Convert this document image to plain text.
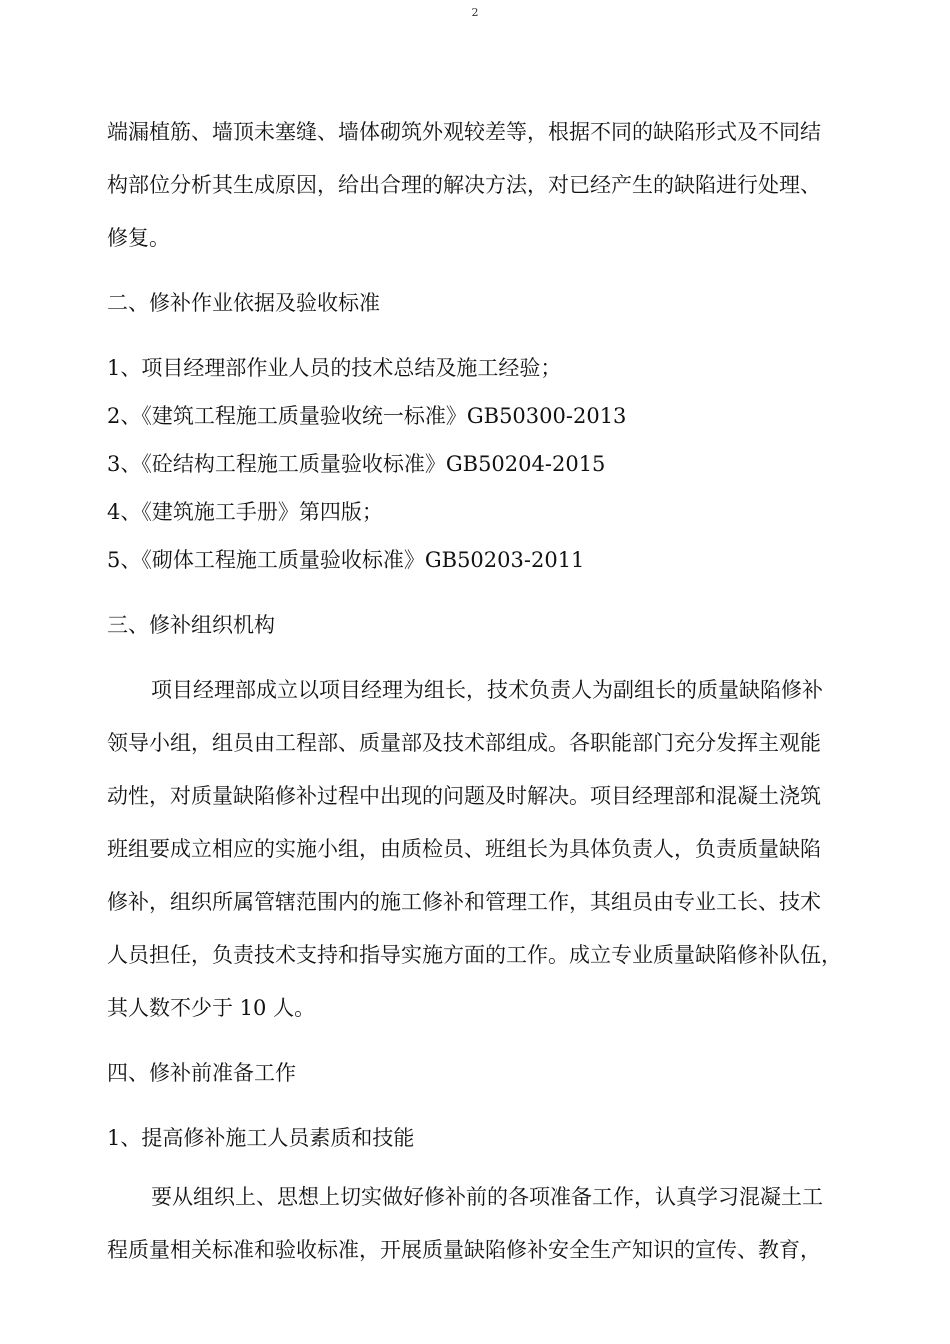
2
端漏植筋、墙顶未塞缝、墙体砌筑外观较差等，根据不同的缺陷形式及不同结
构部位分析其生成原因，给出合理的解决方法，对已经产生的缺陷进行处理、
修复。
二、修补作业依据及验收标准
1、项目经理部作业人员的技术总结及施工经验；
2、《建筑工程施工质量验收统一标准》GB50300-2013
3、《砼结构工程施工质量验收标准》GB50204-2015
4、《建筑施工手册》第四版；
5、《砌体工程施工质量验收标准》GB50203-2011
三、修补组织机构
项目经理部成立以项目经理为组长，技术负责人为副组长的质量缺陷修补
领导小组，组员由工程部、质量部及技术部组成。各职能部门充分发挥主观能
动性，对质量缺陷修补过程中出现的问题及时解决。项目经理部和混凝土浇筑
班组要成立相应的实施小组，由质检员、班组长为具体负责人，负责质量缺陷
修补，组织所属管辖范围内的施工修补和管理工作，其组员由专业工长、技术
人员担任，负责技术支持和指导实施方面的工作。成立专业质量缺陷修补队伍，
其人数不少于 10 人。
四、修补前准备工作
1、提高修补施工人员素质和技能
要从组织上、思想上切实做好修补前的各项准备工作，认真学习混凝土工
程质量相关标准和验收标准，开展质量缺陷修补安全生产知识的宣传、教育，
